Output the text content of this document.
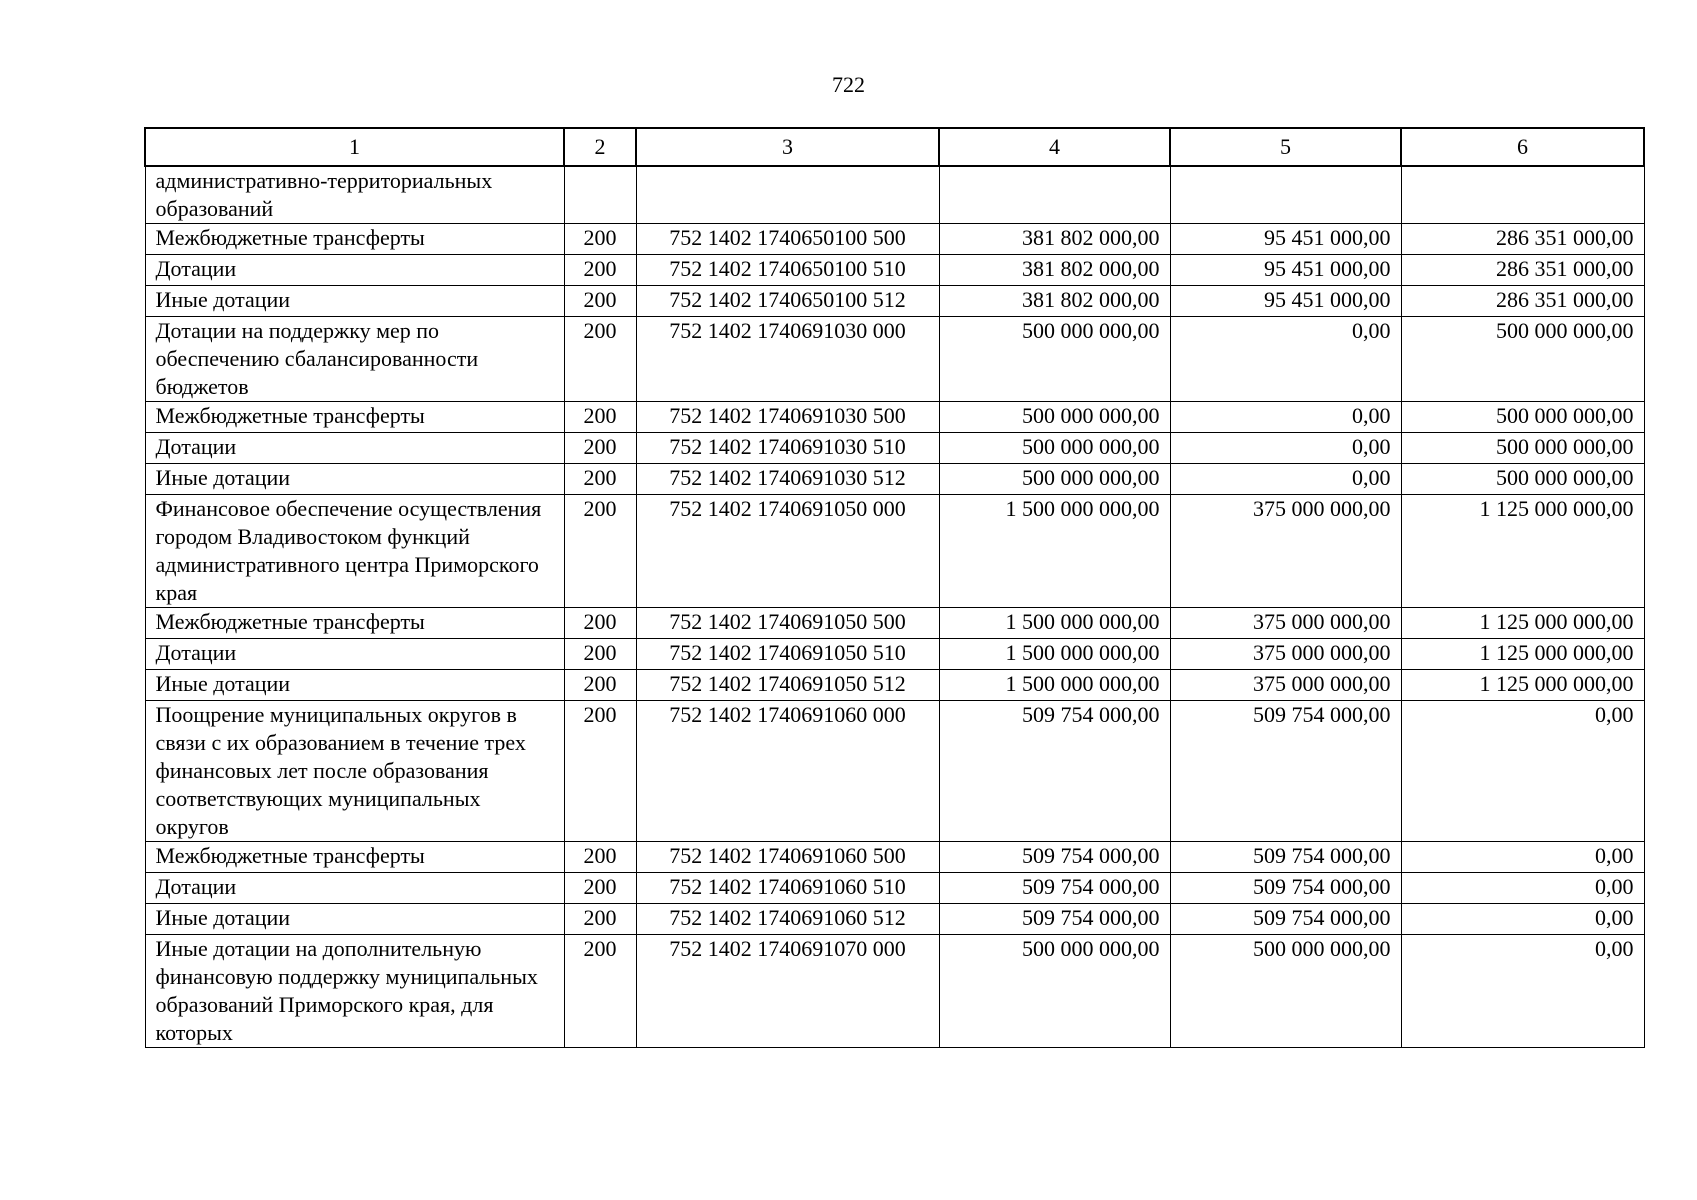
722
1	2	3	4	5	6
административно-территориальных образований					
Межбюджетные трансферты	200	752 1402 1740650100 500	381 802 000,00	95 451 000,00	286 351 000,00
Дотации	200	752 1402 1740650100 510	381 802 000,00	95 451 000,00	286 351 000,00
Иные дотации	200	752 1402 1740650100 512	381 802 000,00	95 451 000,00	286 351 000,00
Дотации на поддержку мер по обеспечению сбалансированности бюджетов	200	752 1402 1740691030 000	500 000 000,00	0,00	500 000 000,00
Межбюджетные трансферты	200	752 1402 1740691030 500	500 000 000,00	0,00	500 000 000,00
Дотации	200	752 1402 1740691030 510	500 000 000,00	0,00	500 000 000,00
Иные дотации	200	752 1402 1740691030 512	500 000 000,00	0,00	500 000 000,00
Финансовое обеспечение осуществления городом Владивостоком функций административного центра Приморского края	200	752 1402 1740691050 000	1 500 000 000,00	375 000 000,00	1 125 000 000,00
Межбюджетные трансферты	200	752 1402 1740691050 500	1 500 000 000,00	375 000 000,00	1 125 000 000,00
Дотации	200	752 1402 1740691050 510	1 500 000 000,00	375 000 000,00	1 125 000 000,00
Иные дотации	200	752 1402 1740691050 512	1 500 000 000,00	375 000 000,00	1 125 000 000,00
Поощрение муниципальных округов в связи с их образованием в течение трех финансовых лет после образования соответствующих муниципальных округов	200	752 1402 1740691060 000	509 754 000,00	509 754 000,00	0,00
Межбюджетные трансферты	200	752 1402 1740691060 500	509 754 000,00	509 754 000,00	0,00
Дотации	200	752 1402 1740691060 510	509 754 000,00	509 754 000,00	0,00
Иные дотации	200	752 1402 1740691060 512	509 754 000,00	509 754 000,00	0,00
Иные дотации на дополнительную финансовую поддержку муниципальных образований Приморского края, для которых	200	752 1402 1740691070 000	500 000 000,00	500 000 000,00	0,00
